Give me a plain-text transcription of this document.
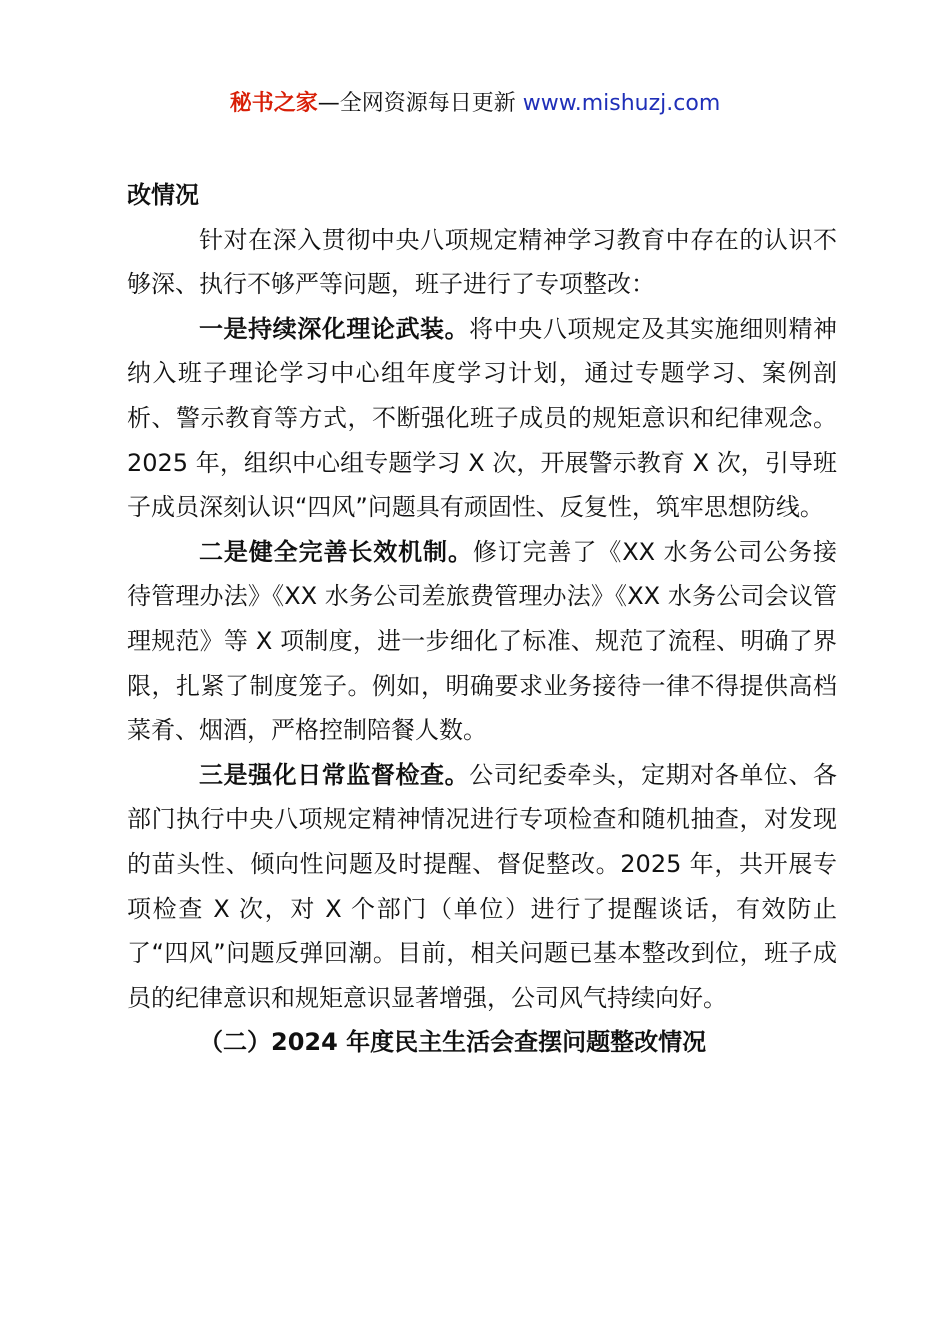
秘书之家—全网资源每日更新 www.mishuzj.com

改情况

针对在深入贯彻中央八项规定精神学习教育中存在的认识不够深、执行不够严等问题，班子进行了专项整改：

一是持续深化理论武装。将中央八项规定及其实施细则精神纳入班子理论学习中心组年度学习计划，通过专题学习、案例剖析、警示教育等方式，不断强化班子成员的规矩意识和纪律观念。2025 年，组织中心组专题学习 X 次，开展警示教育 X 次，引导班子成员深刻认识“四风”问题具有顽固性、反复性，筑牢思想防线。

二是健全完善长效机制。修订完善了《XX 水务公司公务接待管理办法》《XX 水务公司差旅费管理办法》《XX 水务公司会议管理规范》等 X 项制度，进一步细化了标准、规范了流程、明确了界限，扎紧了制度笼子。例如，明确要求业务接待一律不得提供高档菜肴、烟酒，严格控制陪餐人数。

三是强化日常监督检查。公司纪委牵头，定期对各单位、各部门执行中央八项规定精神情况进行专项检查和随机抽查，对发现的苗头性、倾向性问题及时提醒、督促整改。2025 年，共开展专项检查 X 次，对 X 个部门（单位）进行了提醒谈话，有效防止了“四风”问题反弹回潮。目前，相关问题已基本整改到位，班子成员的纪律意识和规矩意识显著增强，公司风气持续向好。

（二）2024 年度民主生活会查摆问题整改情况
